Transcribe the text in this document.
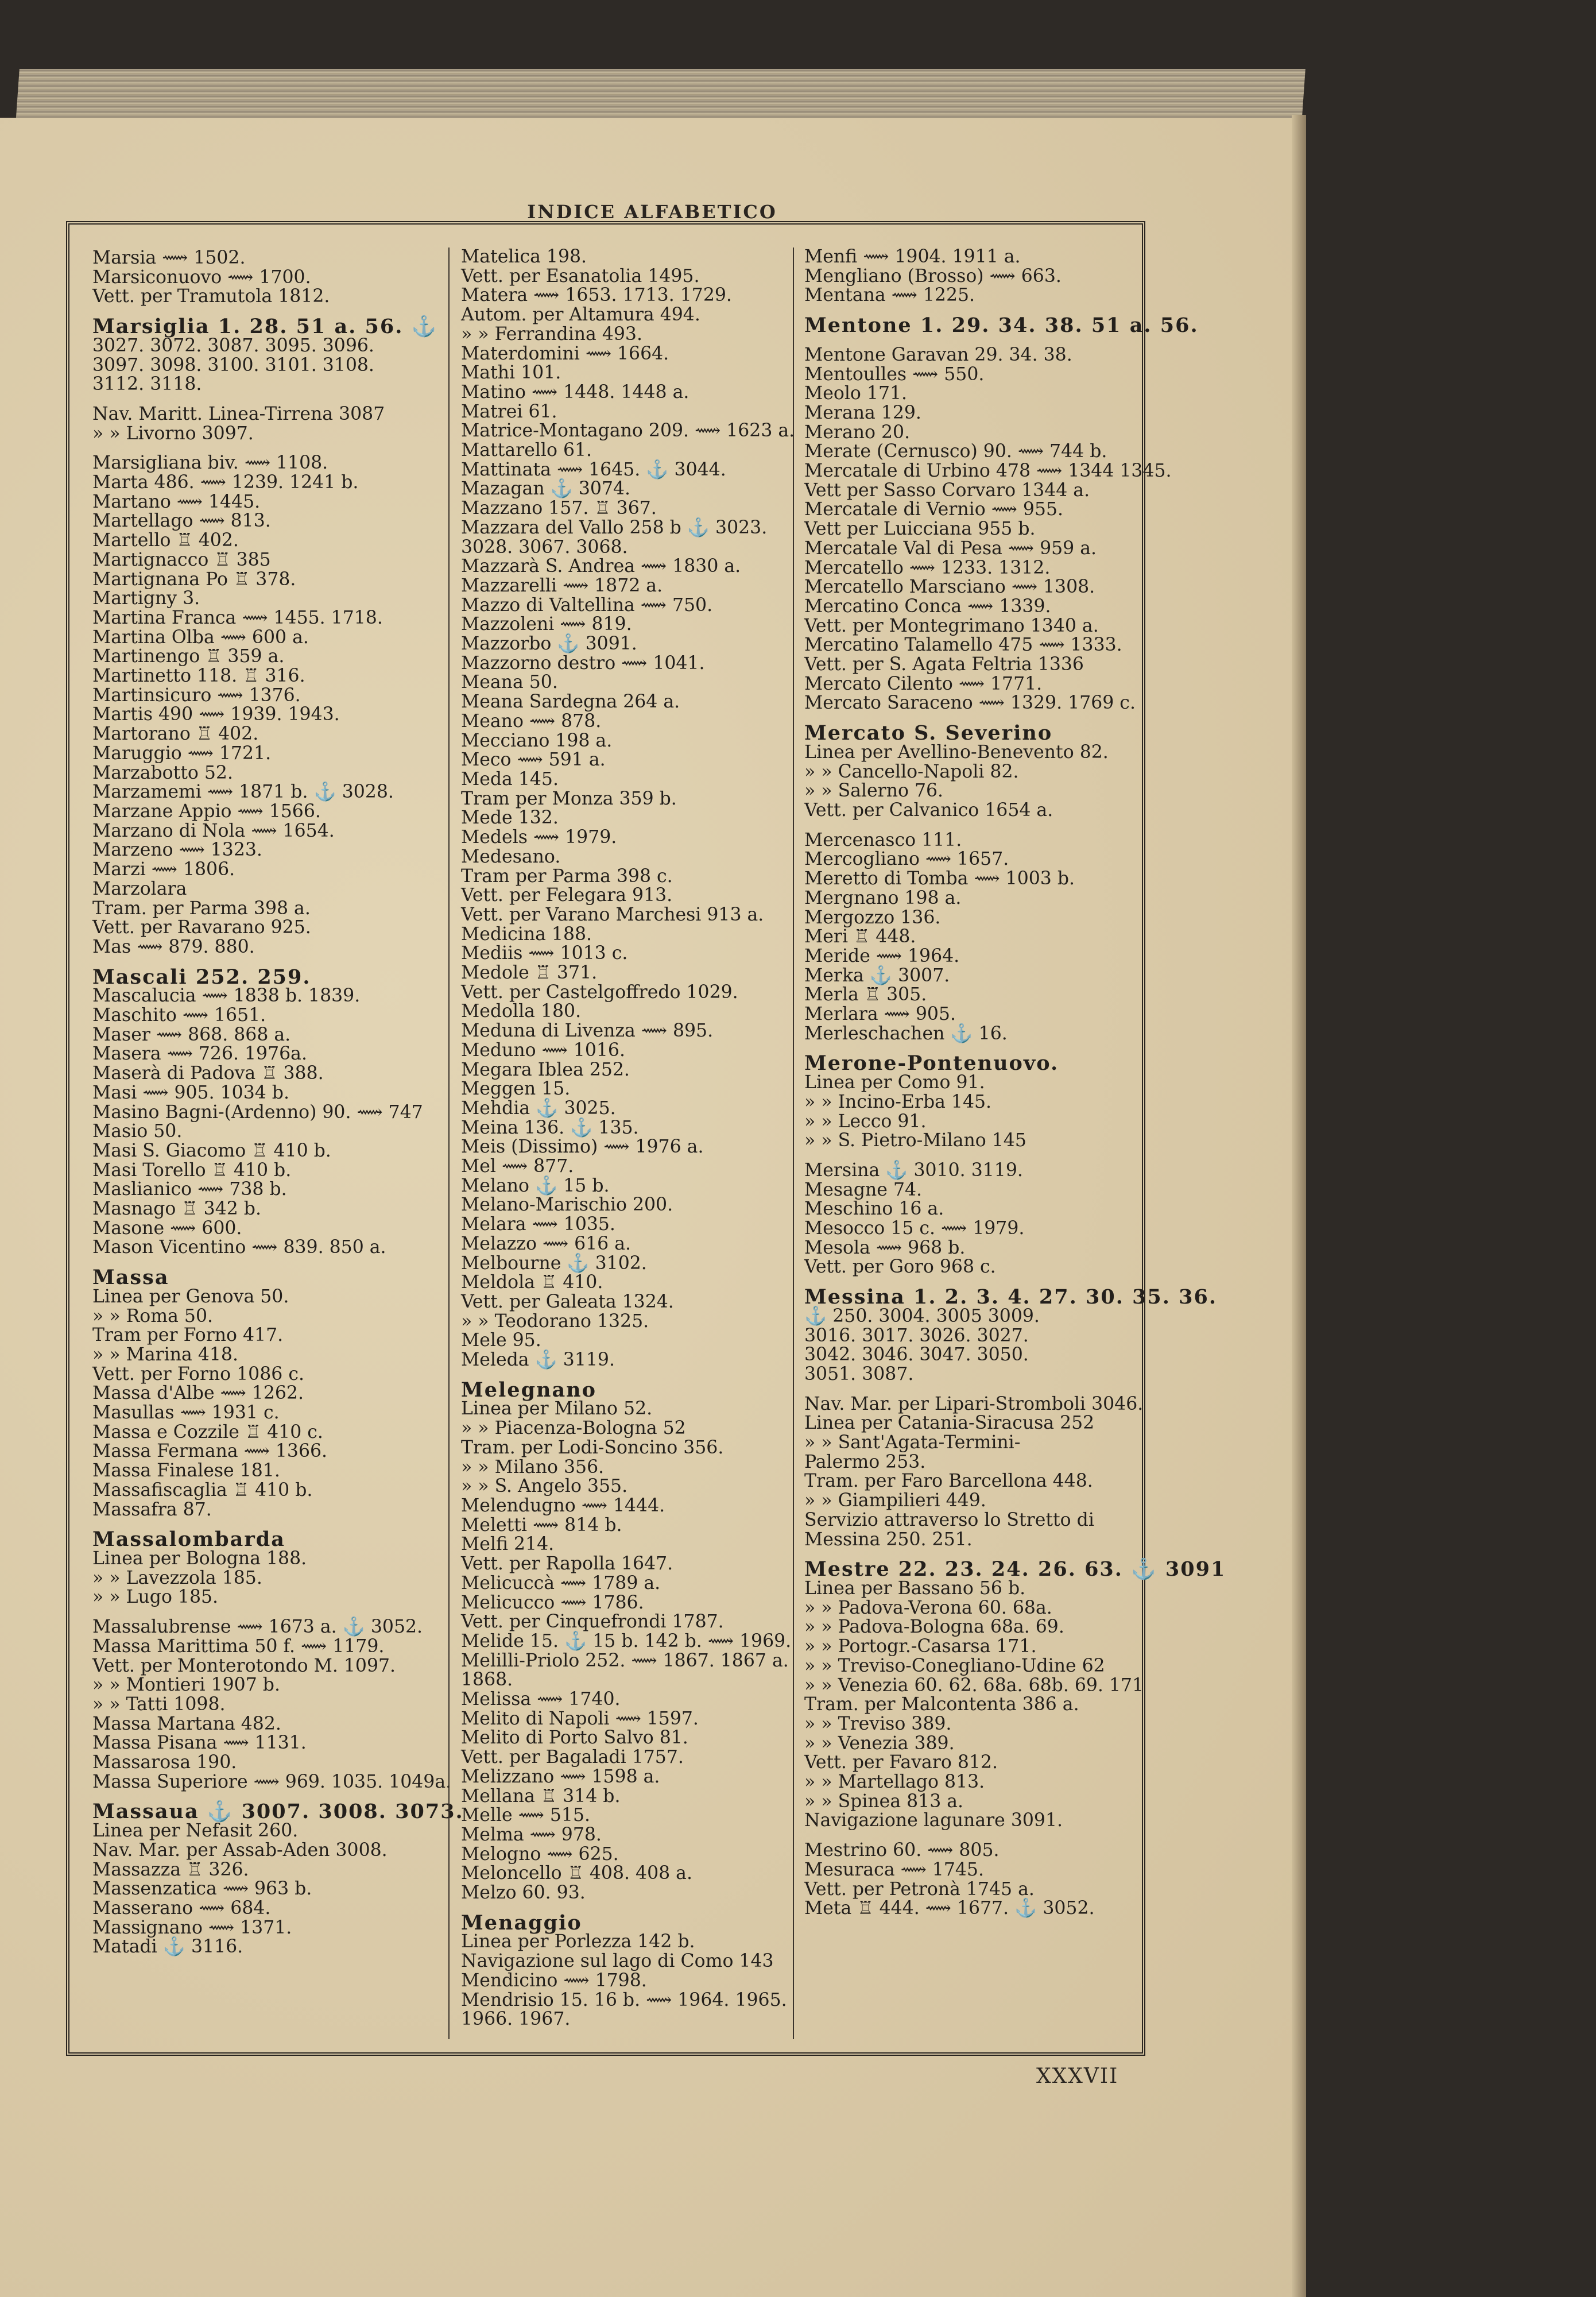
INDICE ALFABETICO
Marsia ⟿ 1502.
Marsiconuovo ⟿ 1700.
Vett. per Tramutola 1812.
Marsiglia 1. 28. 51 a. 56. ⚓
3027. 3072. 3087. 3095. 3096.
3097. 3098. 3100. 3101. 3108.
3112. 3118.
Nav. Maritt. Linea-Tirrena 3087
» » Livorno 3097.
Marsigliana biv. ⟿ 1108.
Marta 486. ⟿ 1239. 1241 b.
Martano ⟿ 1445.
Martellago ⟿ 813.
Martello ♖ 402.
Martignacco ♖ 385
Martignana Po ♖ 378.
Martigny 3.
Martina Franca ⟿ 1455. 1718.
Martina Olba ⟿ 600 a.
Martinengo ♖ 359 a.
Martinetto 118. ♖ 316.
Martinsicuro ⟿ 1376.
Martis 490 ⟿ 1939. 1943.
Martorano ♖ 402.
Maruggio ⟿ 1721.
Marzabotto 52.
Marzamemi ⟿ 1871 b. ⚓ 3028.
Marzane Appio ⟿ 1566.
Marzano di Nola ⟿ 1654.
Marzeno ⟿ 1323.
Marzi ⟿ 1806.
Marzolara
Tram. per Parma 398 a.
Vett. per Ravarano 925.
Mas ⟿ 879. 880.
Mascali 252. 259.
Mascalucia ⟿ 1838 b. 1839.
Maschito ⟿ 1651.
Maser ⟿ 868. 868 a.
Masera ⟿ 726. 1976a.
Maserà di Padova ♖ 388.
Masi ⟿ 905. 1034 b.
Masino Bagni-(Ardenno) 90. ⟿ 747
Masio 50.
Masi S. Giacomo ♖ 410 b.
Masi Torello ♖ 410 b.
Maslianico ⟿ 738 b.
Masnago ♖ 342 b.
Masone ⟿ 600.
Mason Vicentino ⟿ 839. 850 a.
Massa
Linea per Genova 50.
» » Roma 50.
Tram per Forno 417.
» » Marina 418.
Vett. per Forno 1086 c.
Massa d'Albe ⟿ 1262.
Masullas ⟿ 1931 c.
Massa e Cozzile ♖ 410 c.
Massa Fermana ⟿ 1366.
Massa Finalese 181.
Massafiscaglia ♖ 410 b.
Massafra 87.
Massalombarda
Linea per Bologna 188.
» » Lavezzola 185.
» » Lugo 185.
Massalubrense ⟿ 1673 a. ⚓ 3052.
Massa Marittima 50 f. ⟿ 1179.
Vett. per Monterotondo M. 1097.
» » Montieri 1907 b.
» » Tatti 1098.
Massa Martana 482.
Massa Pisana ⟿ 1131.
Massarosa 190.
Massa Superiore ⟿ 969. 1035. 1049a.
Massaua ⚓ 3007. 3008. 3073.
Linea per Nefasit 260.
Nav. Mar. per Assab-Aden 3008.
Massazza ♖ 326.
Massenzatica ⟿ 963 b.
Masserano ⟿ 684.
Massignano ⟿ 1371.
Matadi ⚓ 3116.
Matelica 198.
Vett. per Esanatolia 1495.
Matera ⟿ 1653. 1713. 1729.
Autom. per Altamura 494.
» » Ferrandina 493.
Materdomini ⟿ 1664.
Mathi 101.
Matino ⟿ 1448. 1448 a.
Matrei 61.
Matrice-Montagano 209. ⟿ 1623 a.
Mattarello 61.
Mattinata ⟿ 1645. ⚓ 3044.
Mazagan ⚓ 3074.
Mazzano 157. ♖ 367.
Mazzara del Vallo 258 b ⚓ 3023.
3028. 3067. 3068.
Mazzarà S. Andrea ⟿ 1830 a.
Mazzarelli ⟿ 1872 a.
Mazzo di Valtellina ⟿ 750.
Mazzoleni ⟿ 819.
Mazzorbo ⚓ 3091.
Mazzorno destro ⟿ 1041.
Meana 50.
Meana Sardegna 264 a.
Meano ⟿ 878.
Mecciano 198 a.
Meco ⟿ 591 a.
Meda 145.
Tram per Monza 359 b.
Mede 132.
Medels ⟿ 1979.
Medesano.
Tram per Parma 398 c.
Vett. per Felegara 913.
Vett. per Varano Marchesi 913 a.
Medicina 188.
Mediis ⟿ 1013 c.
Medole ♖ 371.
Vett. per Castelgoffredo 1029.
Medolla 180.
Meduna di Livenza ⟿ 895.
Meduno ⟿ 1016.
Megara Iblea 252.
Meggen 15.
Mehdia ⚓ 3025.
Meina 136. ⚓ 135.
Meis (Dissimo) ⟿ 1976 a.
Mel ⟿ 877.
Melano ⚓ 15 b.
Melano-Marischio 200.
Melara ⟿ 1035.
Melazzo ⟿ 616 a.
Melbourne ⚓ 3102.
Meldola ♖ 410.
Vett. per Galeata 1324.
» » Teodorano 1325.
Mele 95.
Meleda ⚓ 3119.
Melegnano
Linea per Milano 52.
» » Piacenza-Bologna 52
Tram. per Lodi-Soncino 356.
» » Milano 356.
» » S. Angelo 355.
Melendugno ⟿ 1444.
Meletti ⟿ 814 b.
Melfi 214.
Vett. per Rapolla 1647.
Melicuccà ⟿ 1789 a.
Melicucco ⟿ 1786.
Vett. per Cinquefrondi 1787.
Melide 15. ⚓ 15 b. 142 b. ⟿ 1969.
Melilli-Priolo 252. ⟿ 1867. 1867 a.
1868.
Melissa ⟿ 1740.
Melito di Napoli ⟿ 1597.
Melito di Porto Salvo 81.
Vett. per Bagaladi 1757.
Melizzano ⟿ 1598 a.
Mellana ♖ 314 b.
Melle ⟿ 515.
Melma ⟿ 978.
Melogno ⟿ 625.
Meloncello ♖ 408. 408 a.
Melzo 60. 93.
Menaggio
Linea per Porlezza 142 b.
Navigazione sul lago di Como 143
Mendicino ⟿ 1798.
Mendrisio 15. 16 b. ⟿ 1964. 1965.
1966. 1967.
Menfi ⟿ 1904. 1911 a.
Mengliano (Brosso) ⟿ 663.
Mentana ⟿ 1225.
Mentone 1. 29. 34. 38. 51 a. 56.
Mentone Garavan 29. 34. 38.
Mentoulles ⟿ 550.
Meolo 171.
Merana 129.
Merano 20.
Merate (Cernusco) 90. ⟿ 744 b.
Mercatale di Urbino 478 ⟿ 1344 1345.
Vett per Sasso Corvaro 1344 a.
Mercatale di Vernio ⟿ 955.
Vett per Luicciana 955 b.
Mercatale Val di Pesa ⟿ 959 a.
Mercatello ⟿ 1233. 1312.
Mercatello Marsciano ⟿ 1308.
Mercatino Conca ⟿ 1339.
Vett. per Montegrimano 1340 a.
Mercatino Talamello 475 ⟿ 1333.
Vett. per S. Agata Feltria 1336
Mercato Cilento ⟿ 1771.
Mercato Saraceno ⟿ 1329. 1769 c.
Mercato S. Severino
Linea per Avellino-Benevento 82.
» » Cancello-Napoli 82.
» » Salerno 76.
Vett. per Calvanico 1654 a.
Mercenasco 111.
Mercogliano ⟿ 1657.
Meretto di Tomba ⟿ 1003 b.
Mergnano 198 a.
Mergozzo 136.
Meri ♖ 448.
Meride ⟿ 1964.
Merka ⚓ 3007.
Merla ♖ 305.
Merlara ⟿ 905.
Merleschachen ⚓ 16.
Merone-Pontenuovo.
Linea per Como 91.
» » Incino-Erba 145.
» » Lecco 91.
» » S. Pietro-Milano 145
Mersina ⚓ 3010. 3119.
Mesagne 74.
Meschino 16 a.
Mesocco 15 c. ⟿ 1979.
Mesola ⟿ 968 b.
Vett. per Goro 968 c.
Messina 1. 2. 3. 4. 27. 30. 35. 36.
⚓ 250. 3004. 3005 3009.
3016. 3017. 3026. 3027.
3042. 3046. 3047. 3050.
3051. 3087.
Nav. Mar. per Lipari-Stromboli 3046.
Linea per Catania-Siracusa 252
» » Sant'Agata-Termini-
Palermo 253.
Tram. per Faro Barcellona 448.
» » Giampilieri 449.
Servizio attraverso lo Stretto di
Messina 250. 251.
Mestre 22. 23. 24. 26. 63. ⚓ 3091
Linea per Bassano 56 b.
» » Padova-Verona 60. 68a.
» » Padova-Bologna 68a. 69.
» » Portogr.-Casarsa 171.
» » Treviso-Conegliano-Udine 62
» » Venezia 60. 62. 68a. 68b. 69. 171
Tram. per Malcontenta 386 a.
» » Treviso 389.
» » Venezia 389.
Vett. per Favaro 812.
» » Martellago 813.
» » Spinea 813 a.
Navigazione lagunare 3091.
Mestrino 60. ⟿ 805.
Mesuraca ⟿ 1745.
Vett. per Petronà 1745 a.
Meta ♖ 444. ⟿ 1677. ⚓ 3052.
XXXVII
